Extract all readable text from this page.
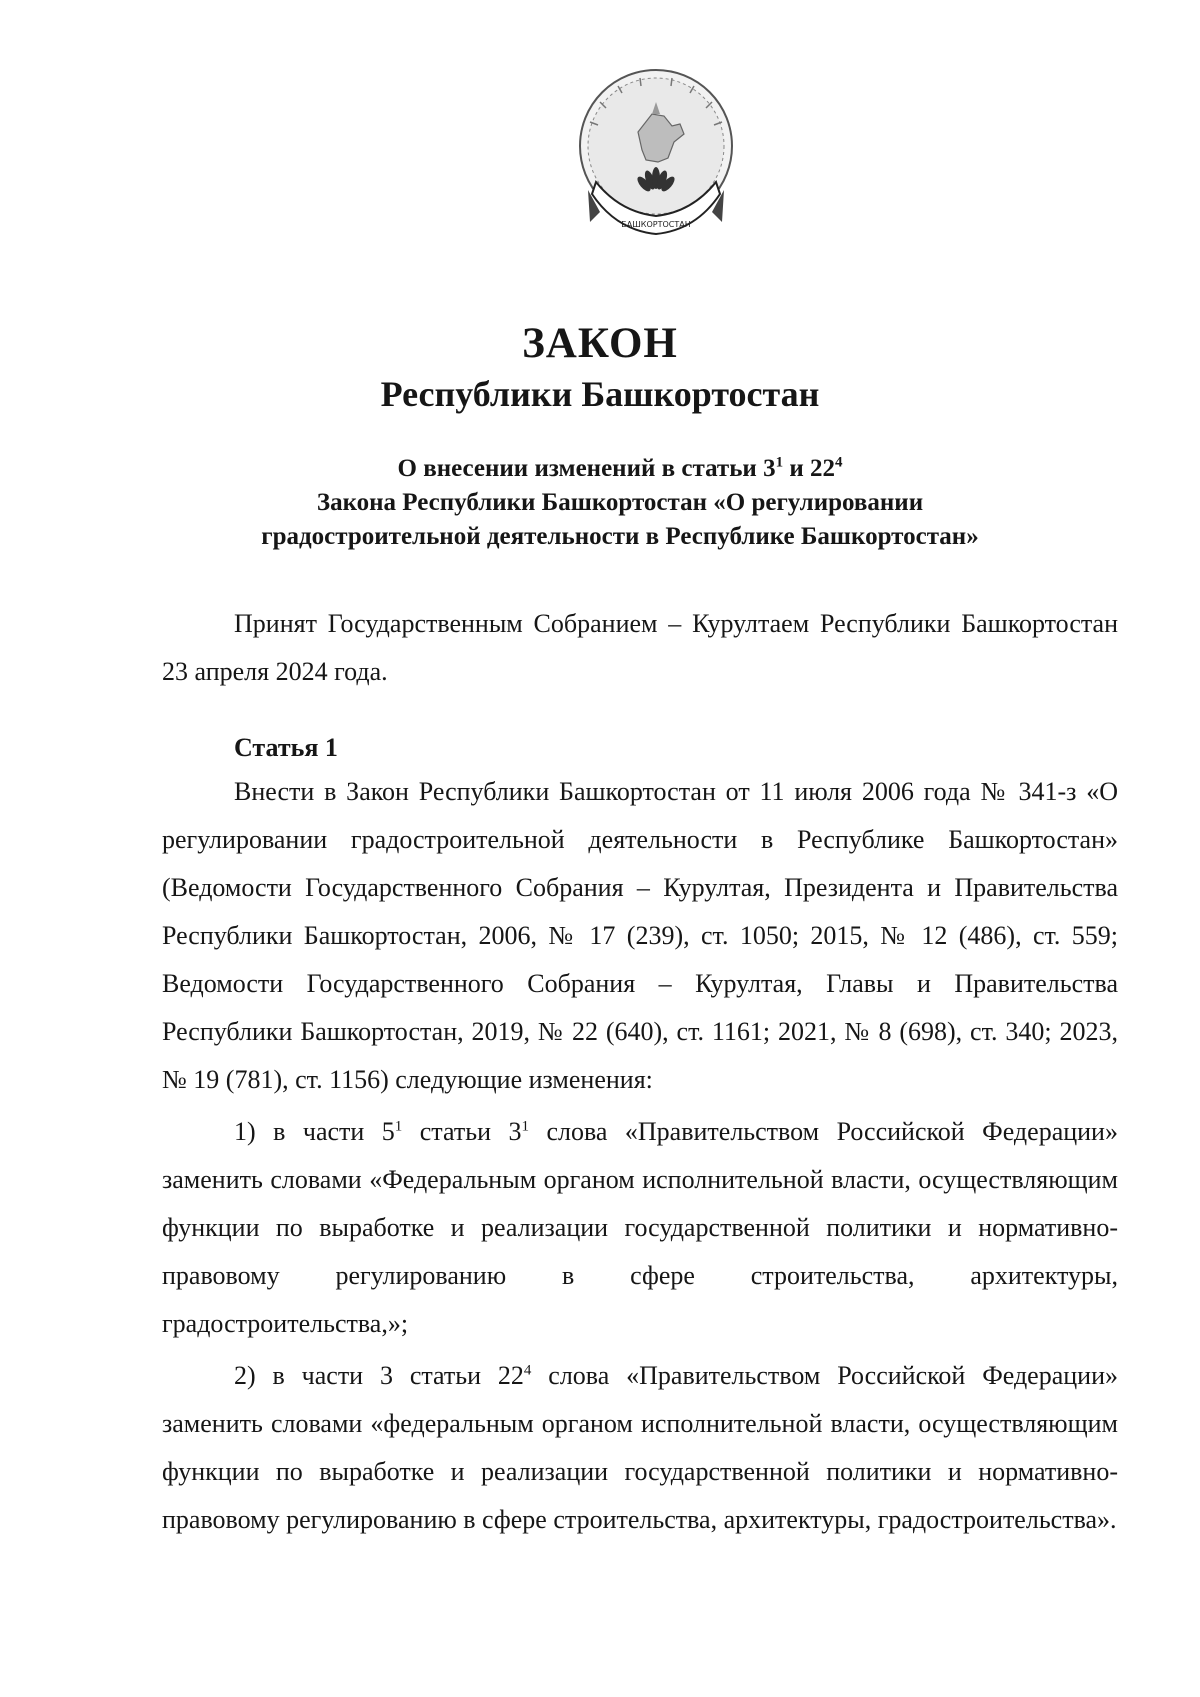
БАШКОРТОСТАН
ЗАКОН
Республики Башкортостан
О внесении изменений в статьи $3^1$ и $22^4$
Закона Республики Башкортостан «О регулировании
градостроительной деятельности в Республике Башкортостан»

Принят Государственным Собранием – Курултаем Республики Башкортостан 23 апреля 2024 года.

Статья 1

Внести в Закон Республики Башкортостан от 11 июля 2006 года № 341-з «О регулировании градостроительной деятельности в Республике Башкортостан» (Ведомости Государственного Собрания – Курултая, Президента и Правительства Республики Башкортостан, 2006, № 17 (239), ст. 1050; 2015, № 12 (486), ст. 559; Ведомости Государственного Собрания – Курултая, Главы и Правительства Республики Башкортостан, 2019, № 22 (640), ст. 1161; 2021, № 8 (698), ст. 340; 2023, № 19 (781), ст. 1156) следующие изменения:

1) в части $5^1$ статьи $3^1$ слова «Правительством Российской Федерации» заменить словами «Федеральным органом исполнительной власти, осуществляющим функции по выработке и реализации государственной политики и нормативно-правовому регулированию в сфере строительства, архитектуры, градостроительства,»;

2) в части 3 статьи $22^4$ слова «Правительством Российской Федерации» заменить словами «федеральным органом исполнительной власти, осуществляющим функции по выработке и реализации государственной политики и нормативно-правовому регулированию в сфере строительства, архитектуры, градостроительства».
